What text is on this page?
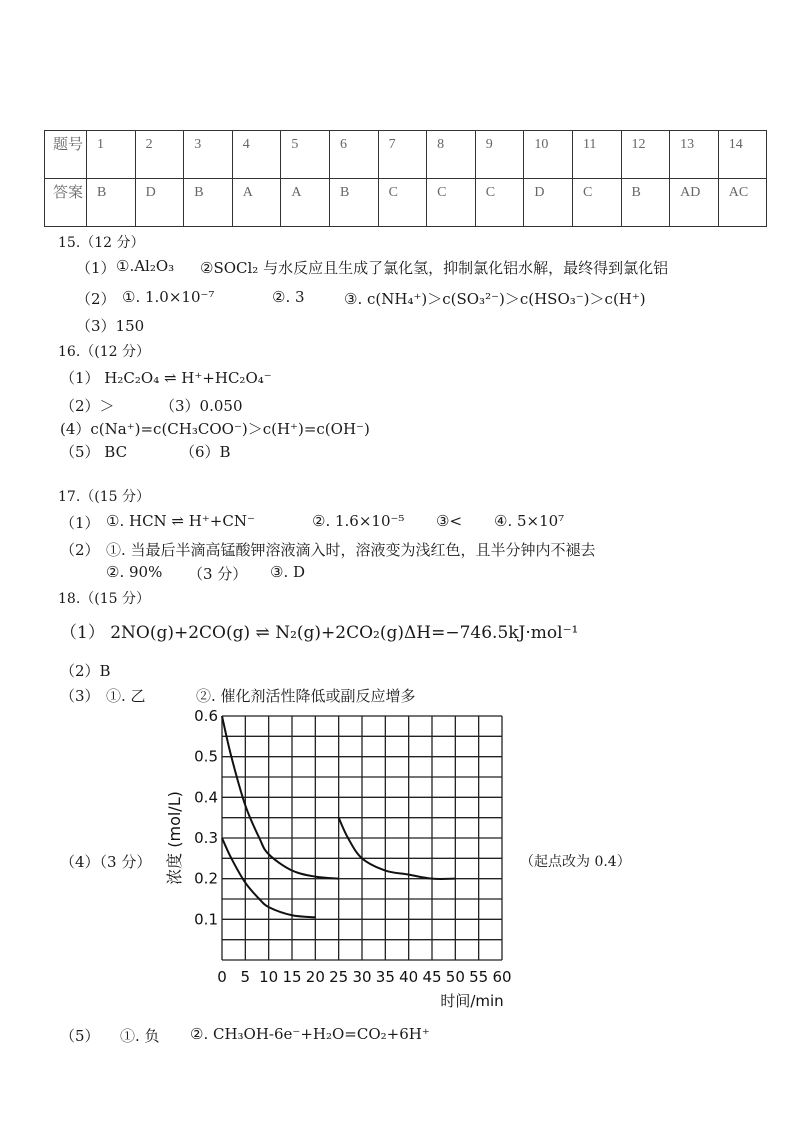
题号	1	2	3	4	5	6	7	8	9	10	11	12	13	14
答案	B	D	B	A	A	B	C	C	C	D	C	B	AD	AC
15.（12 分）
（1） ①.Al₂O₃ ②SOCl₂ 与水反应且生成了氯化氢，抑制氯化铝水解，最终得到氯化铝
（2） ①. 1.0×10⁻⁷	②. 3	③. c(NH₄⁺)＞c(SO₃²⁻)＞c(HSO₃⁻)＞c(H⁺)
（3）150
16.（(12 分）
（1） H₂C₂O₄ ⇌ H⁺+HC₂O₄⁻
（2）＞	（3）0.050
(4）c(Na⁺)=c(CH₃COO⁻)＞c(H⁺)=c(OH⁻)
（5） BC	（6）B
17.（(15 分）
（1） ①. HCN ⇌ H⁺+CN⁻	②. 1.6×10⁻⁵ ③< ④. 5×10⁷
（2） ①. 当最后半滴高锰酸钾溶液滴入时，溶液变为浅红色，且半分钟内不褪去
②. 90% （3 分） ③. D
18.（(15 分）
（1） 2NO(g)+2CO(g) ⇌ N₂(g)+2CO₂(g)ΔH=−746.5kJ·mol⁻¹
（2）B
（3） ①. 乙	②. 催化剂活性降低或副反应增多
（4）（3 分）	（起点改为 0.4）
（5） ①. 负 ②. CH₃OH-6e⁻+H₂O=CO₂+6H⁺
0.1
0.2
0.3
0.4
0.5
0.6
0 5 10 15 20 25 30 35 40 45 50 55 60
时间/min
浓度 (mol/L)
